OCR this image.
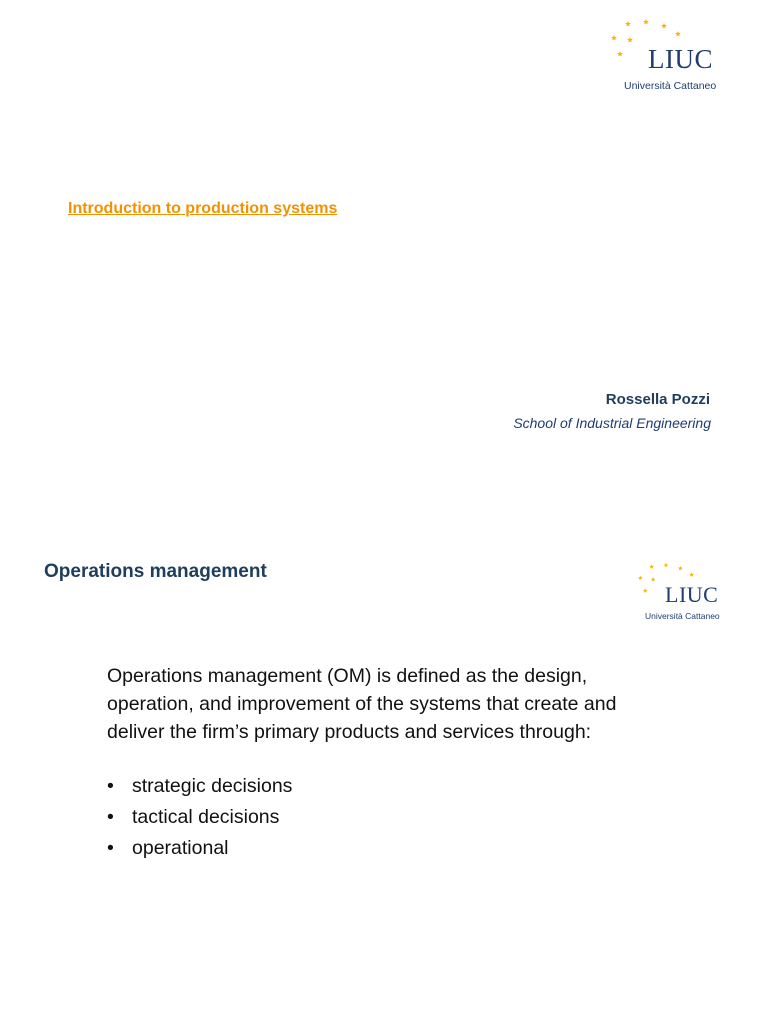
LIUC
Università Cattaneo
Introduction to production systems
Rossella Pozzi
School of Industrial Engineering
Operations management
LIUC
Università Cattaneo
Operations management (OM) is defined as the design,
operation, and improvement of the systems that create and
deliver the firm’s primary products and services through:
• strategic decisions
• tactical decisions
• operational
